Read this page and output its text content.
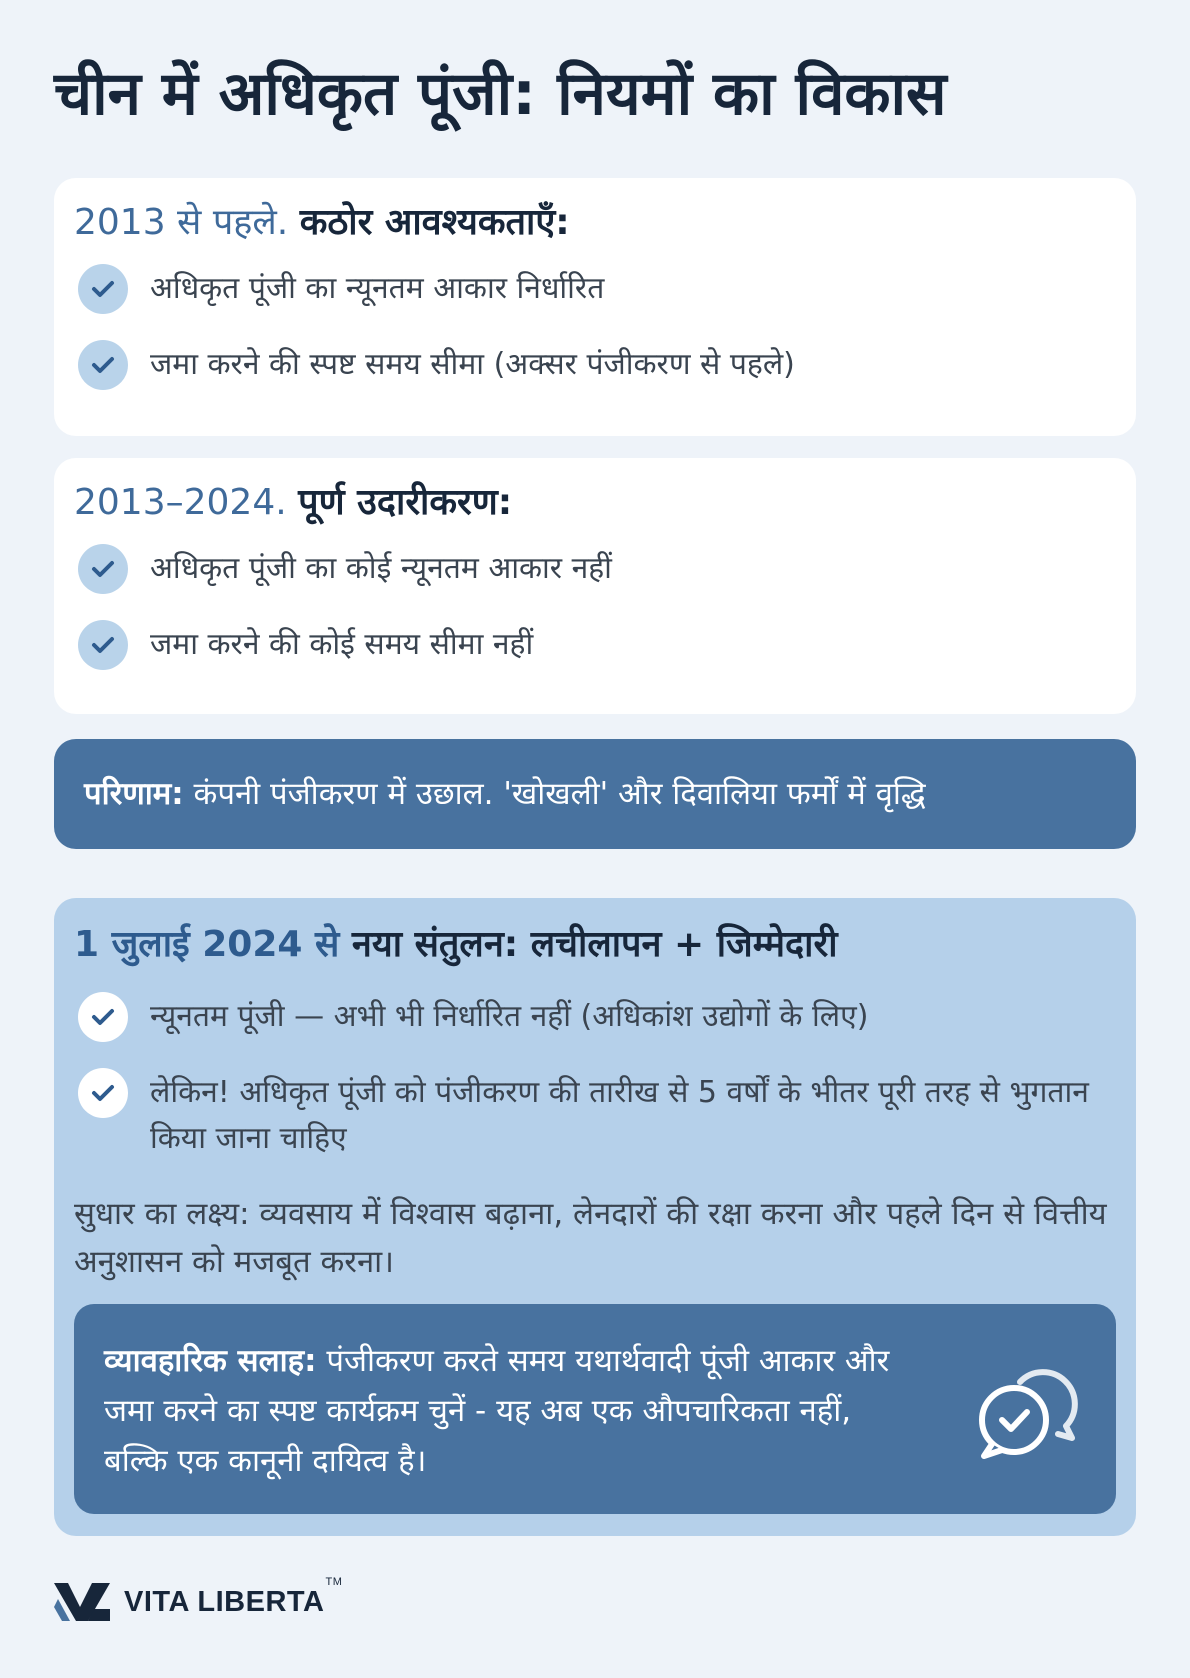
चीन में अधिकृत पूंजी: नियमों का विकास
2013 से पहले. कठोर आवश्यकताएँ:
अधिकृत पूंजी का न्यूनतम आकार निर्धारित
जमा करने की स्पष्ट समय सीमा (अक्सर पंजीकरण से पहले)
2013–2024. पूर्ण उदारीकरण:
अधिकृत पूंजी का कोई न्यूनतम आकार नहीं
जमा करने की कोई समय सीमा नहीं
परिणाम: कंपनी पंजीकरण में उछाल. 'खोखली' और दिवालिया फर्मों में वृद्धि
1 जुलाई 2024 से नया संतुलन: लचीलापन + जिम्मेदारी
न्यूनतम पूंजी — अभी भी निर्धारित नहीं (अधिकांश उद्योगों के लिए)
लेकिन! अधिकृत पूंजी को पंजीकरण की तारीख से 5 वर्षों के भीतर पूरी तरह से भुगतान किया जाना चाहिए
सुधार का लक्ष्य: व्यवसाय में विश्वास बढ़ाना, लेनदारों की रक्षा करना और पहले दिन से वित्तीय अनुशासन को मजबूत करना।
व्यावहारिक सलाह: पंजीकरण करते समय यथार्थवादी पूंजी आकार और जमा करने का स्पष्ट कार्यक्रम चुनें - यह अब एक औपचारिकता नहीं, बल्कि एक कानूनी दायित्व है।
VITA LIBERTA
TM
